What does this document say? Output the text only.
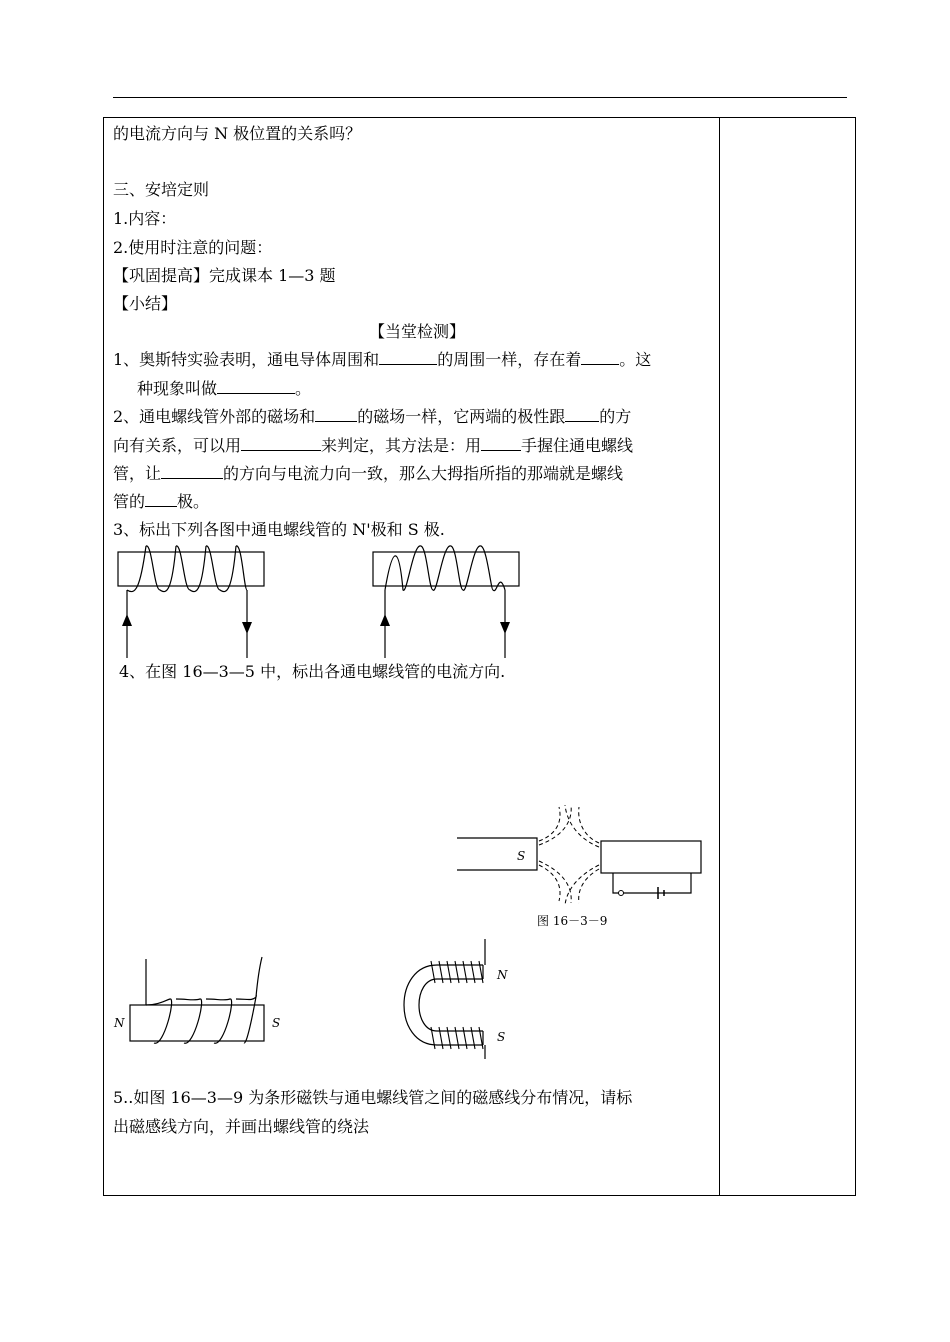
的电流方向与 N 极位置的关系吗？
三、安培定则
1.内容：
2.使用时注意的问题：
【巩固提高】完成课本 1—3 题
【小结】
【当堂检测】
1、奥斯特实验表明，通电导体周围和	的周围一样，存在着 。这
种现象叫做	。
2、通电螺线管外部的磁场和	的磁场一样，它两端的极性跟 的方
向有关系，可以用	来判定，其方法是：用	手握住通电螺线
管，让	的方向与电流力向一致，那么大拇指所指的那端就是螺线
管的 极。
3、标出下列各图中通电螺线管的 N'极和 S 极.
4、在图 16—3—5 中，标出各通电螺线管的电流方向.
S
图 16－3－9
N	S
N
S
5..如图 16—3—9 为条形磁铁与通电螺线管之间的磁感线分布情况，请标
出磁感线方向，并画出螺线管的绕法
